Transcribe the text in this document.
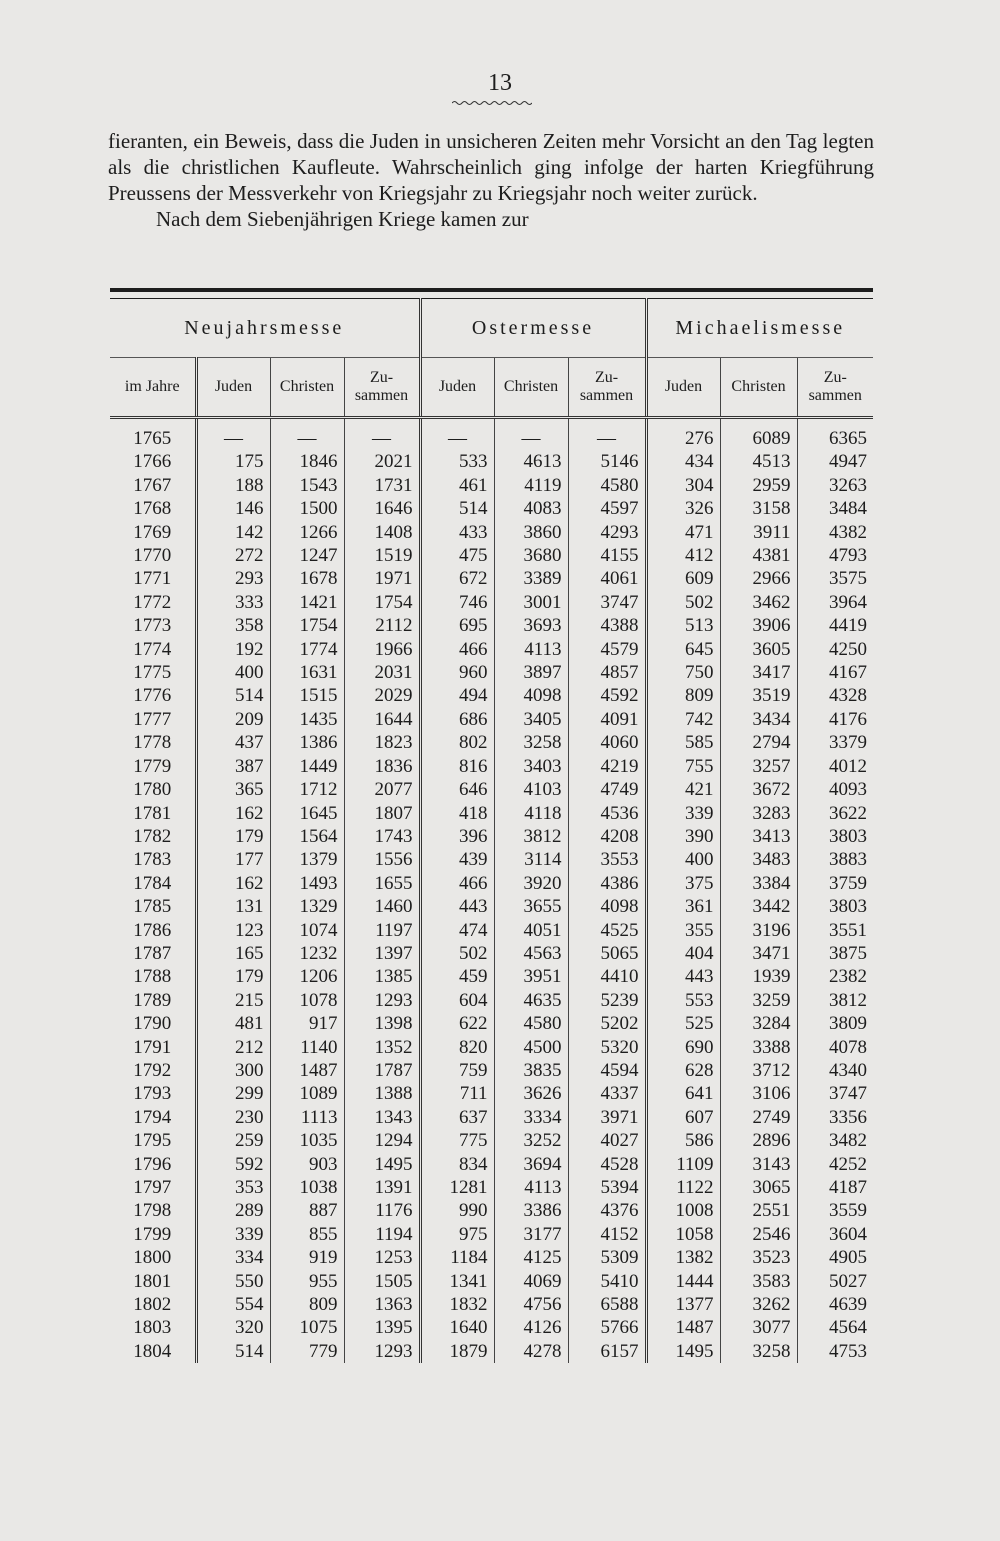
13

fieranten, ein Beweis, dass die Juden in unsicheren Zeiten mehr Vorsicht an den Tag legten als die christlichen Kaufleute. Wahrscheinlich ging infolge der harten Kriegführung Preussens der Messverkehr von Kriegsjahr zu Kriegsjahr noch weiter zurück.

Nach dem Siebenjährigen Kriege kamen zur

Neujahrsmesse				Ostermesse			Michaelismesse		
im Jahre	Juden	Christen	Zu-sammen	Juden	Christen	Zu-sammen	Juden	Christen	Zu-sammen

1765	—	—	—	—	—	—	276	6089	6365
1766	175	1846	2021	533	4613	5146	434	4513	4947
1767	188	1543	1731	461	4119	4580	304	2959	3263
1768	146	1500	1646	514	4083	4597	326	3158	3484
1769	142	1266	1408	433	3860	4293	471	3911	4382
1770	272	1247	1519	475	3680	4155	412	4381	4793
1771	293	1678	1971	672	3389	4061	609	2966	3575
1772	333	1421	1754	746	3001	3747	502	3462	3964
1773	358	1754	2112	695	3693	4388	513	3906	4419
1774	192	1774	1966	466	4113	4579	645	3605	4250
1775	400	1631	2031	960	3897	4857	750	3417	4167
1776	514	1515	2029	494	4098	4592	809	3519	4328
1777	209	1435	1644	686	3405	4091	742	3434	4176
1778	437	1386	1823	802	3258	4060	585	2794	3379
1779	387	1449	1836	816	3403	4219	755	3257	4012
1780	365	1712	2077	646	4103	4749	421	3672	4093
1781	162	1645	1807	418	4118	4536	339	3283	3622
1782	179	1564	1743	396	3812	4208	390	3413	3803
1783	177	1379	1556	439	3114	3553	400	3483	3883
1784	162	1493	1655	466	3920	4386	375	3384	3759
1785	131	1329	1460	443	3655	4098	361	3442	3803
1786	123	1074	1197	474	4051	4525	355	3196	3551
1787	165	1232	1397	502	4563	5065	404	3471	3875
1788	179	1206	1385	459	3951	4410	443	1939	2382
1789	215	1078	1293	604	4635	5239	553	3259	3812
1790	481	917	1398	622	4580	5202	525	3284	3809
1791	212	1140	1352	820	4500	5320	690	3388	4078
1792	300	1487	1787	759	3835	4594	628	3712	4340
1793	299	1089	1388	711	3626	4337	641	3106	3747
1794	230	1113	1343	637	3334	3971	607	2749	3356
1795	259	1035	1294	775	3252	4027	586	2896	3482
1796	592	903	1495	834	3694	4528	1109	3143	4252
1797	353	1038	1391	1281	4113	5394	1122	3065	4187
1798	289	887	1176	990	3386	4376	1008	2551	3559
1799	339	855	1194	975	3177	4152	1058	2546	3604
1800	334	919	1253	1184	4125	5309	1382	3523	4905
1801	550	955	1505	1341	4069	5410	1444	3583	5027
1802	554	809	1363	1832	4756	6588	1377	3262	4639
1803	320	1075	1395	1640	4126	5766	1487	3077	4564
1804	514	779	1293	1879	4278	6157	1495	3258	4753
